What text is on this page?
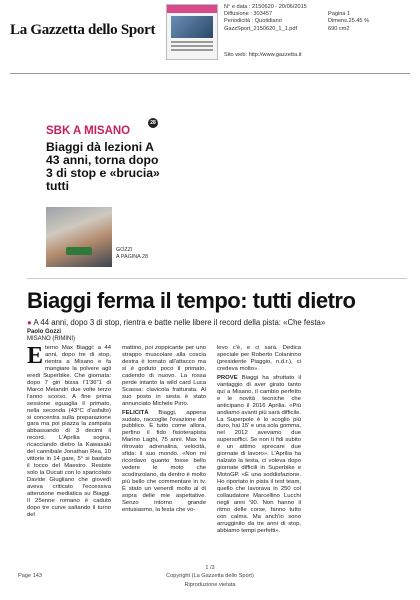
La Gazzetta dello Sport
N° e data : 2150620 - 20/06/2015
Diffusione : 303457	Pagina 1
Periodicità : Quotidiano	Dimens.25.45 %
GazzSport_2150620_1_1.pdf	690 cm2
Sito web: http://www.gazzetta.it
28
SBK A MISANO
Biaggi dà lezioni A 43 anni, torna dopo 3 di stop e «brucia» tutti
GOZZI
A PAGINA 28
Biaggi ferma il tempo: tutti dietro
● A 44 anni, dopo 3 di stop, rientra e batte nelle libere il record della pista: «Che festa»
Paolo Gozzi
MISANO (RIMINI)
Eterno Max Biaggi: a 44 anni, dopo tre di stop, rientra a Misano e fa mangiare la polvere agli eredi Superbike. Che giornata: dopo 7 giri bissa l'1'36"1 di Marco Melandri due volte terzo l'anno scorso. A fine prima sessione eguaglia il primato, nella seconda (43°C d'asfalto) si concentra sulla preparazione gara ma poi piazza la zampata abbassando di 3 decimi il record. L'Aprilia sogna, ricacciando dietro la Kawasaki del cannibale Jonathan Rea, 10 vittorie in 14 gare, 5° si bastato il tocco del Maestro. Resiste solo la Ducati con lo sparicolato Davide Giugliano che giovedì aveva criticato l'eccessiva attenzione mediatica su Biaggi. Il 25enne romano è caduto dopo tre curve saltando il turno del

mattino, poi zoppicante per uno strappo muscolare alla coscia destra è tornato all'attacco ma si è goduto poco il primato, cadendo di nuovo. La rossa perde intanto la wild card Luca Scassa: clavicola fratturata. Al suo posto in sesta è stato annunciato Michele Pirro.

FELICITÀ Biaggi, appena sudato, raccoglie l'ovazione del pubblico. È tutto come allora, perfino il fido fisioterapista Marino Laghi, 75 anni. Max ha ritrovato adrenalina, velocità, sfida: il suo mondo. «Non mi ricordavo quanto fosse bello vedere le moto che scodinzolano, da dentro è molto più bello che commentare in tv. È stato un venerdì molto al di sopra delle mie aspettative. Senzo intorno grande entusiasmo, la festa che vo-

levo c'è, e ci sarà. Dedica speciale per Roberto Colaninno (presidente Piaggio, n.d.r.), ci credeva molto».

PROVE Biaggi ha sfruttato il vantaggio di aver girato tanto qui a Misano, il cambio perfetto e le novità tecniche che anticipano il 2016 Aprilia. «Più andiamo avanti più sarà difficile. La Superpole è lo scoglio più duro, hai 15' e una sola gomma, nel 2012 avevamo due supersoffici. Se non ti fidi subito è un attimo sprecare due giornate di lavoro». L'Aprilia ha rialzato la testa, ci voleva dopo giornate difficili in Superbike e MotoGP. «È una soddisfazione. Ho riportato in pista il test team, quello che lavorava in 250 col collaudatore Marcellino Lucchi negli anni '90. Non hanno il ritmo delle corse, fanno tutto con calma. Ma anch'io sono arrugginito da tre anni di stop, abbiamo tempi perfetti».

Page 143
1 /3
Copyright (La Gazzetta dello Sport)
Riproduzione vietata
